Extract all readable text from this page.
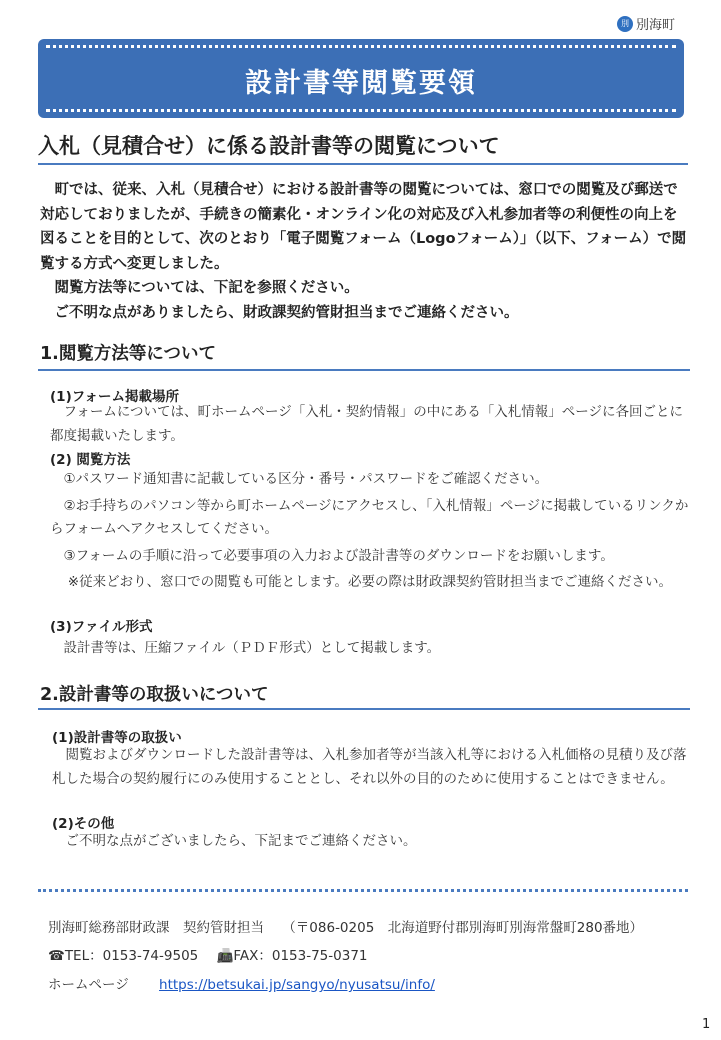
別 別海町
設計書等閲覧要領
入札（見積合せ）に係る設計書等の閲覧について

　町では、従来、入札（見積合せ）における設計書等の閲覧については、窓口での閲覧及び郵送で対応しておりましたが、手続きの簡素化・オンライン化の対応及び入札参加者等の利便性の向上を図ることを目的として、次のとおり「電子閲覧フォーム（Logoフォーム）」（以下、フォーム）で閲覧する方式へ変更しました。

　閲覧方法等については、下記を参照ください。

　ご不明な点がありましたら、財政課契約管財担当までご連絡ください。

1.閲覧方法等について
(1)フォーム掲載場所
　フォームについては、町ホームページ「入札・契約情報」の中にある「入札情報」ページに各回ごとに都度掲載いたします。
(2) 閲覧方法

　①パスワード通知書に記載している区分・番号・パスワードをご確認ください。

　②お手持ちのパソコン等から町ホームページにアクセスし、「入札情報」ページに掲載しているリンクからフォームへアクセスしてください。

　③フォームの手順に沿って必要事項の入力および設計書等のダウンロードをお願いします。

　 ※従来どおり、窓口での閲覧も可能とします。必要の際は財政課契約管財担当までご連絡ください。

(3)ファイル形式
　設計書等は、圧縮ファイル（ＰＤＦ形式）として掲載します。
2.設計書等の取扱いについて
(1)設計書等の取扱い
　閲覧およびダウンロードした設計書等は、入札参加者等が当該入札等における入札価格の見積り及び落札した場合の契約履行にのみ使用することとし、それ以外の目的のために使用することはできません。
(2)その他
　ご不明な点がございましたら、下記までご連絡ください。
別海町総務部財政課　契約管財担当 （〒086-0205　北海道野付郡別海町別海常盤町280番地）
☎TEL：0153-74-9505 📠FAX：0153-75-0371
ホームページ https://betsukai.jp/sangyo/nyusatsu/info/
1
